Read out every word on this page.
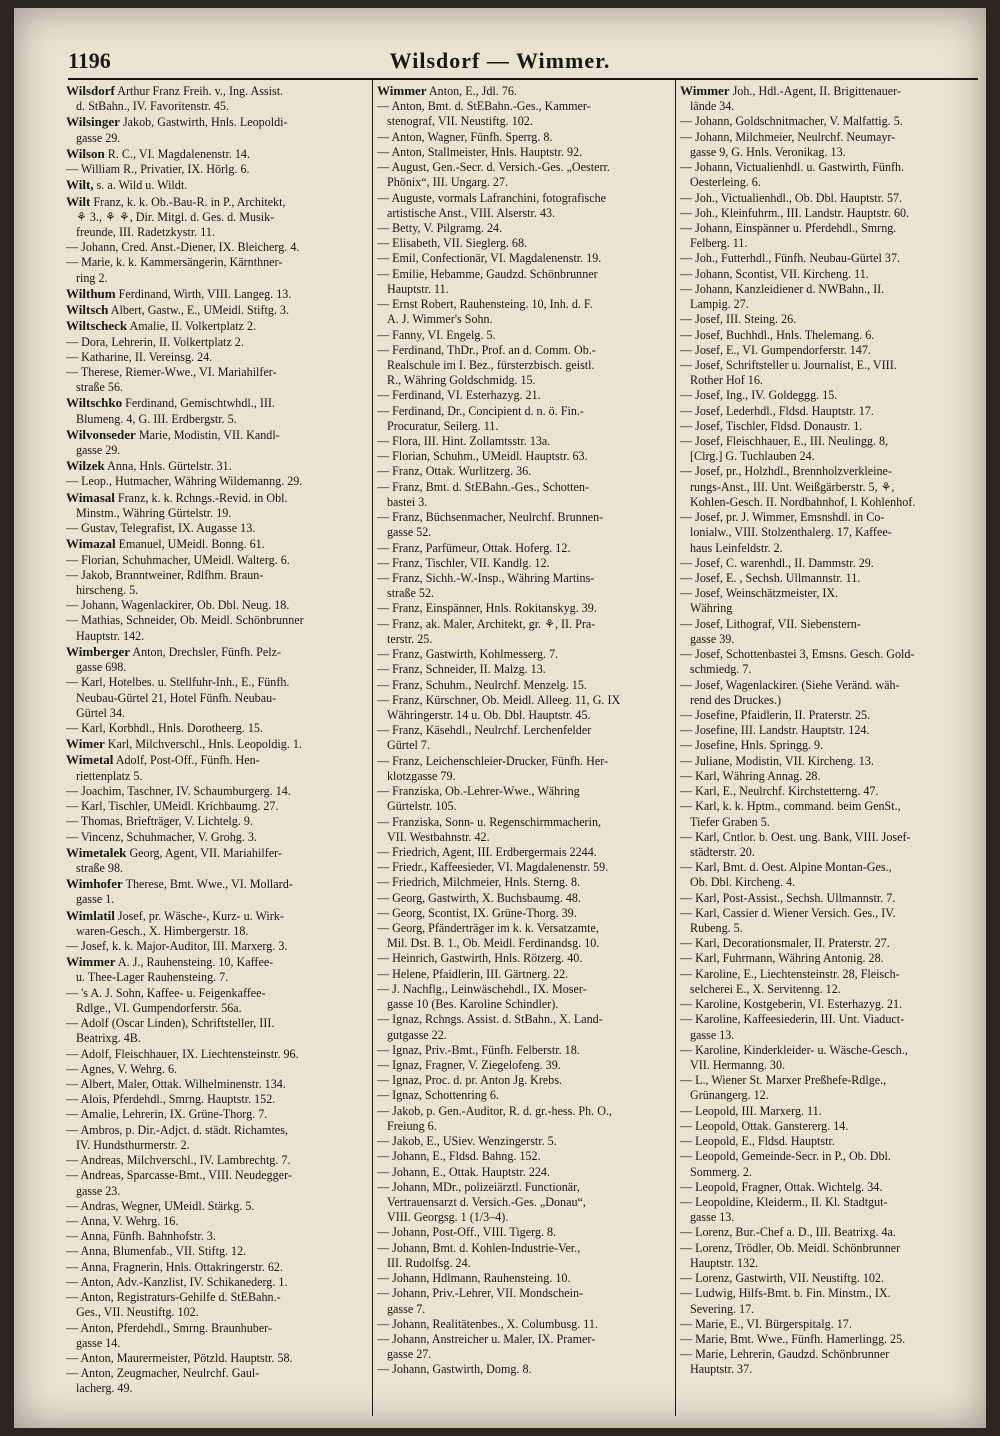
1196	Wilsdorf — Wimmer.

Wilsdorf Arthur Franz Freih. v., Ing. Assist.

d. StBahn., IV. Favoritenstr. 45.

Wilsinger Jakob, Gastwirth, Hnls. Leopoldi-

gasse 29.

Wilson R. C., VI. Magdalenenstr. 14.

— William R., Privatier, IX. Hörlg. 6.

Wilt, s. a. Wild u. Wildt.

Wilt Franz, k. k. Ob.-Bau-R. in P., Architekt,

⚘ 3., ⚘ ⚘, Dir. Mitgl. d. Ges. d. Musik-

freunde, III. Radetzkystr. 11.

— Johann, Cred. Anst.-Diener, IX. Bleicherg. 4.

— Marie, k. k. Kammersängerin, Kärnthner-

ring 2.

Wilthum Ferdinand, Wirth, VIII. Langeg. 13.

Wiltsch Albert, Gastw., E., UMeidl. Stiftg. 3.

Wiltscheck Amalie, II. Volkertplatz 2.

— Dora, Lehrerin, II. Volkertplatz 2.

— Katharine, II. Vereinsg. 24.

— Therese, Riemer-Wwe., VI. Mariahilfer-

straße 56.

Wiltschko Ferdinand, Gemischtwhdl., III.

Blumeng. 4, G. III. Erdbergstr. 5.

Wilvonseder Marie, Modistin, VII. Kandl-

gasse 29.

Wilzek Anna, Hnls. Gürtelstr. 31.

— Leop., Hutmacher, Währing Wildemanng. 29.

Wimasal Franz, k. k. Rchngs.-Revid. in Obl.

Minstm., Währing Gürtelstr. 19.

— Gustav, Telegrafist, IX. Augasse 13.

Wimazal Emanuel, UMeidl. Bonng. 61.

— Florian, Schuhmacher, UMeidl. Walterg. 6.

— Jakob, Branntweiner, Rdlfhm. Braun-

hirscheng. 5.

— Johann, Wagenlackirer, Ob. Dbl. Neug. 18.

— Mathias, Schneider, Ob. Meidl. Schönbrunner

Hauptstr. 142.

Wimberger Anton, Drechsler, Fünfh. Pelz-

gasse 698.

— Karl, Hotelbes. u. Stellfuhr-Inh., E., Fünfh.

Neubau-Gürtel 21, Hotel Fünfh. Neubau-

Gürtel 34.

— Karl, Korbhdl., Hnls. Dorotheerg. 15.

Wimer Karl, Milchverschl., Hnls. Leopoldig. 1.

Wimetal Adolf, Post-Off., Fünfh. Hen-

riettenplatz 5.

— Joachim, Taschner, IV. Schaumburgerg. 14.

— Karl, Tischler, UMeidl. Krichbaumg. 27.

— Thomas, Briefträger, V. Lichtelg. 9.

— Vincenz, Schuhmacher, V. Grohg. 3.

Wimetalek Georg, Agent, VII. Mariahilfer-

straße 98.

Wimhofer Therese, Bmt. Wwe., VI. Mollard-

gasse 1.

Wimlatil Josef, pr. Wäsche-, Kurz- u. Wirk-

waren-Gesch., X. Himbergerstr. 18.

— Josef, k. k. Major-Auditor, III. Marxerg. 3.

Wimmer A. J., Rauhensteing. 10, Kaffee-

u. Thee-Lager Rauhensteing. 7.

— 's A. J. Sohn, Kaffee- u. Feigenkaffee-

Rdlge., VI. Gumpendorferstr. 56a.

— Adolf (Oscar Linden), Schriftsteller, III.

Beatrixg. 4B.

— Adolf, Fleischhauer, IX. Liechtensteinstr. 96.

— Agnes, V. Wehrg. 6.

— Albert, Maler, Ottak. Wilhelminenstr. 134.

— Alois, Pferdehdl., Smrng. Hauptstr. 152.

— Amalie, Lehrerin, IX. Grüne-Thorg. 7.

— Ambros, p. Dir.-Adjct. d. städt. Richamtes,

IV. Hundsthurmerstr. 2.

— Andreas, Milchverschl., IV. Lambrechtg. 7.

— Andreas, Sparcasse-Bmt., VIII. Neudegger-

gasse 23.

— Andras, Wegner, UMeidl. Stärkg. 5.

— Anna, V. Wehrg. 16.

— Anna, Fünfh. Bahnhofstr. 3.

— Anna, Blumenfab., VII. Stiftg. 12.

— Anna, Fragnerin, Hnls. Ottakringerstr. 62.

— Anton, Adv.-Kanzlist, IV. Schikanederg. 1.

— Anton, Registraturs-Gehilfe d. StEBahn.-

Ges., VII. Neustiftg. 102.

— Anton, Pferdehdl., Smrng. Braunhuber-

gasse 14.

— Anton, Maurermeister, Pötzld. Hauptstr. 58.

— Anton, Zeugmacher, Neulrchf. Gaul-

lacherg. 49.

Wimmer Anton, E., Jdl. 76.

— Anton, Bmt. d. StEBahn.-Ges., Kammer-

stenograf, VII. Neustiftg. 102.

— Anton, Wagner, Fünfh. Sperrg. 8.

— Anton, Stallmeister, Hnls. Hauptstr. 92.

— August, Gen.-Secr. d. Versich.-Ges. „Oesterr.

Phönix“, III. Ungarg. 27.

— Auguste, vormals Lafranchini, fotografische

artistische Anst., VIII. Alserstr. 43.

— Betty, V. Pilgramg. 24.

— Elisabeth, VII. Sieglerg. 68.

— Emil, Confectionär, VI. Magdalenenstr. 19.

— Emilie, Hebamme, Gaudzd. Schönbrunner

Hauptstr. 11.

— Ernst Robert, Rauhensteing. 10, Inh. d. F.

A. J. Wimmer's Sohn.

— Fanny, VI. Engelg. 5.

— Ferdinand, ThDr., Prof. an d. Comm. Ob.-

Realschule im I. Bez., fürsterzbisch. geistl.

R., Währing Goldschmidg. 15.

— Ferdinand, VI. Esterhazyg. 21.

— Ferdinand, Dr., Concipient d. n. ö. Fin.-

Procuratur, Seilerg. 11.

— Flora, III. Hint. Zollamtsstr. 13a.

— Florian, Schuhm., UMeidl. Hauptstr. 63.

— Franz, Ottak. Wurlitzerg. 36.

— Franz, Bmt. d. StEBahn.-Ges., Schotten-

bastei 3.

— Franz, Büchsenmacher, Neulrchf. Brunnen-

gasse 52.

— Franz, Parfümeur, Ottak. Hoferg. 12.

— Franz, Tischler, VII. Kandlg. 12.

— Franz, Sichh.-W.-Insp., Währing Martins-

straße 52.

— Franz, Einspänner, Hnls. Rokitanskyg. 39.

— Franz, ak. Maler, Architekt, gr. ⚘, II. Pra-

terstr. 25.

— Franz, Gastwirth, Kohlmesserg. 7.

— Franz, Schneider, II. Malzg. 13.

— Franz, Schuhm., Neulrchf. Menzelg. 15.

— Franz, Kürschner, Ob. Meidl. Alleeg. 11, G. IX

Währingerstr. 14 u. Ob. Dbl. Hauptstr. 45.

— Franz, Käsehdl., Neulrchf. Lerchenfelder

Gürtel 7.

— Franz, Leichenschleier-Drucker, Fünfh. Her-

klotzgasse 79.

— Franziska, Ob.-Lehrer-Wwe., Währing

Gürtelstr. 105.

— Franziska, Sonn- u. Regenschirmmacherin,

VII. Westbahnstr. 42.

— Friedrich, Agent, III. Erdbergermais 2244.

— Friedr., Kaffeesieder, VI. Magdalenenstr. 59.

— Friedrich, Milchmeier, Hnls. Sterng. 8.

— Georg, Gastwirth, X. Buchsbaumg. 48.

— Georg, Scontist, IX. Grüne-Thorg. 39.

— Georg, Pfänderträger im k. k. Versatzamte,

Mil. Dst. B. 1., Ob. Meidl. Ferdinandsg. 10.

— Heinrich, Gastwirth, Hnls. Rötzerg. 40.

— Helene, Pfaidlerin, III. Gärtnerg. 22.

— J. Nachflg., Leinwäschehdl., IX. Moser-

gasse 10 (Bes. Karoline Schindler).

— Ignaz, Rchngs. Assist. d. StBahn., X. Land-

gutgasse 22.

— Ignaz, Priv.-Bmt., Fünfh. Felberstr. 18.

— Ignaz, Fragner, V. Ziegelofeng. 39.

— Ignaz, Proc. d. pr. Anton Jg. Krebs.

— Ignaz, Schottenring 6.

— Jakob, p. Gen.-Auditor, R. d. gr.-hess. Ph. O.,

Freiung 6.

— Jakob, E., USiev. Wenzingerstr. 5.

— Johann, E., Fldsd. Bahng. 152.

— Johann, E., Ottak. Hauptstr. 224.

— Johann, MDr., polizeiärztl. Functionär,

Vertrauensarzt d. Versich.-Ges. „Donau“,

VIII. Georgsg. 1 (1/3–4).

— Johann, Post-Off., VIII. Tigerg. 8.

— Johann, Bmt. d. Kohlen-Industrie-Ver.,

III. Rudolfsg. 24.

— Johann, Hdlmann, Rauhensteing. 10.

— Johann, Priv.-Lehrer, VII. Mondschein-

gasse 7.

— Johann, Realitätenbes., X. Columbusg. 11.

— Johann, Anstreicher u. Maler, IX. Pramer-

gasse 27.

— Johann, Gastwirth, Domg. 8.

Wimmer Joh., Hdl.-Agent, II. Brigittenauer-

lände 34.

— Johann, Goldschnitmacher, V. Malfattig. 5.

— Johann, Milchmeier, Neulrchf. Neumayr-

gasse 9, G. Hnls. Veronikag. 13.

— Johann, Victualienhdl. u. Gastwirth, Fünfh.

Oesterleing. 6.

— Joh., Victualienhdl., Ob. Dbl. Hauptstr. 57.

— Joh., Kleinfuhrm., III. Landstr. Hauptstr. 60.

— Johann, Einspänner u. Pferdehdl., Smrng.

Felberg. 11.

— Joh., Futterhdl., Fünfh. Neubau-Gürtel 37.

— Johann, Scontist, VII. Kircheng. 11.

— Johann, Kanzleidiener d. NWBahn., II.

Lampig. 27.

— Josef, III. Steing. 26.

— Josef, Buchhdl., Hnls. Thelemang. 6.

— Josef, E., VI. Gumpendorferstr. 147.

— Josef, Schriftsteller u. Journalist, E., VIII.

Rother Hof 16.

— Josef, Ing., IV. Goldeggg. 15.

— Josef, Lederhdl., Fldsd. Hauptstr. 17.

— Josef, Tischler, Fldsd. Donaustr. 1.

— Josef, Fleischhauer, E., III. Neulingg. 8,

[Clrg.] G. Tuchlauben 24.

— Josef, pr., Holzhdl., Brennholzverkleine-

rungs-Anst., III. Unt. Weißgärberstr. 5, ⚘,

Kohlen-Gesch. II. Nordbahnhof, I. Kohlenhof.

— Josef, pr. J. Wimmer, Emsnshdl. in Co-

lonialw., VIII. Stolzenthalerg. 17, Kaffee-

haus Leinfeldstr. 2.

— Josef, C. warenhdl., II. Dammstr. 29.

— Josef, E. , Sechsh. Ullmannstr. 11.

— Josef, Weinschätzmeister, IX.

Währing

— Josef, Lithograf, VII. Siebenstern-

gasse 39.

— Josef, Schottenbastei 3, Emsns. Gesch. Gold-

schmiedg. 7.

— Josef, Wagenlackirer. (Siehe Veränd. wäh-

rend des Druckes.)

— Josefine, Pfaidlerin, II. Praterstr. 25.

— Josefine, III. Landstr. Hauptstr. 124.

— Josefine, Hnls. Springg. 9.

— Juliane, Modistin, VII. Kircheng. 13.

— Karl, Währing Annag. 28.

— Karl, E., Neulrchf. Kirchstetterng. 47.

— Karl, k. k. Hptm., command. beim GenSt.,

Tiefer Graben 5.

— Karl, Cntlor. b. Oest. ung. Bank, VIII. Josef-

städterstr. 20.

— Karl, Bmt. d. Oest. Alpine Montan-Ges.,

Ob. Dbl. Kircheng. 4.

— Karl, Post-Assist., Sechsh. Ullmannstr. 7.

— Karl, Cassier d. Wiener Versich. Ges., IV.

Rubeng. 5.

— Karl, Decorationsmaler, II. Praterstr. 27.

— Karl, Fuhrmann, Währing Antonig. 28.

— Karoline, E., Liechtensteinstr. 28, Fleisch-

selcherei E., X. Servitenng. 12.

— Karoline, Kostgeberin, VI. Esterhazyg. 21.

— Karoline, Kaffeesiederin, III. Unt. Viaduct-

gasse 13.

— Karoline, Kinderkleider- u. Wäsche-Gesch.,

VII. Hermanng. 30.

— L., Wiener St. Marxer Preßhefe-Rdlge.,

Grünangerg. 12.

— Leopold, III. Marxerg. 11.

— Leopold, Ottak. Ganstererg. 14.

— Leopold, E., Fldsd. Hauptstr.

— Leopold, Gemeinde-Secr. in P., Ob. Dbl.

Sommerg. 2.

— Leopold, Fragner, Ottak. Wichtelg. 34.

— Leopoldine, Kleiderm., II. Kl. Stadtgut-

gasse 13.

— Lorenz, Bur.-Chef a. D., III. Beatrixg. 4a.

— Lorenz, Trödler, Ob. Meidl. Schönbrunner

Hauptstr. 132.

— Lorenz, Gastwirth, VII. Neustiftg. 102.

— Ludwig, Hilfs-Bmt. b. Fin. Minstm., IX.

Severing. 17.

— Marie, E., VI. Bürgerspitalg. 17.

— Marie, Bmt. Wwe., Fünfh. Hamerlingg. 25.

— Marie, Lehrerin, Gaudzd. Schönbrunner

Hauptstr. 37.
